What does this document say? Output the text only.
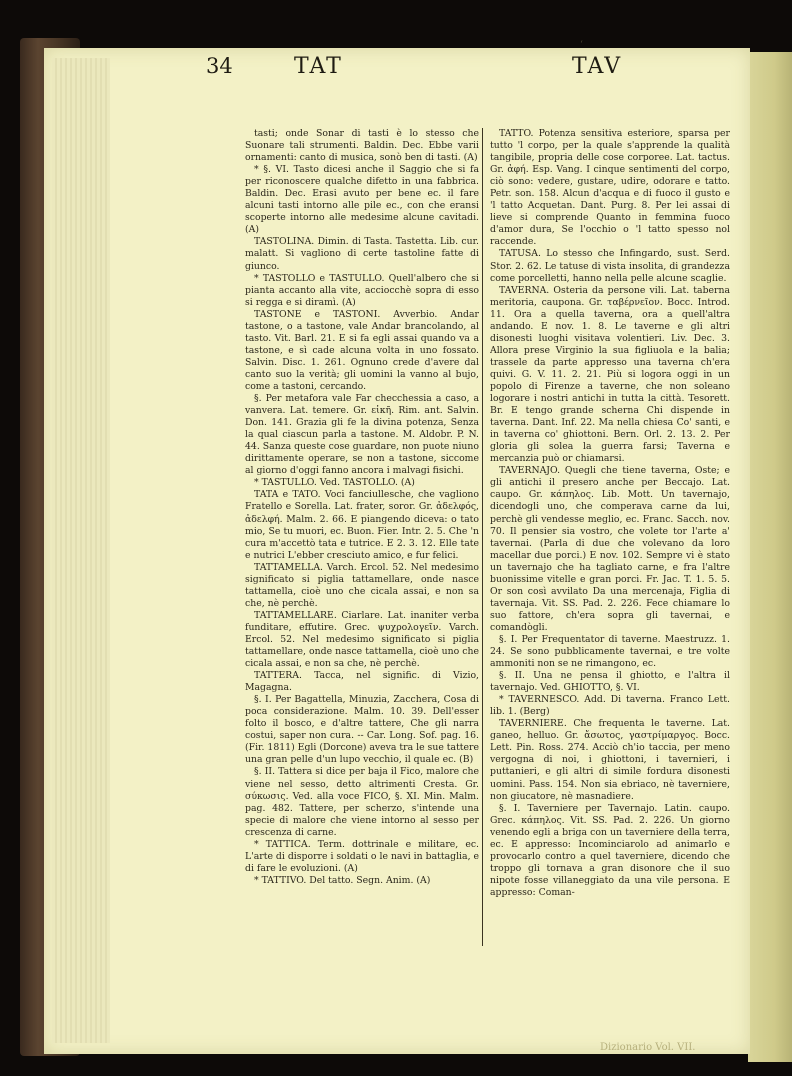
ʻ
34	TAT	TAV

tasti; onde Sonar di tasti è lo stesso che Suonare tali strumenti. Baldin. Dec. Ebbe varii ornamenti: canto di musica, sonò ben di tasti. (A)

* §. VI. Tasto dicesi anche il Saggio che si fa per riconoscere qualche difetto in una fabbrica. Baldin. Dec. Erasi avuto per bene ec. il fare alcuni tasti intorno alle pile ec., con che eransi scoperte intorno alle medesime alcune cavitadi. (A)

TASTOLINA. Dimin. di Tasta. Tastetta. Lib. cur. malatt. Si vagliono di certe tastoline fatte di giunco.

* TASTOLLO e TASTULLO. Quell'albero che si pianta accanto alla vite, acciocchè sopra di esso si regga e si diramì. (A)

TASTONE e TASTONI. Avverbio. Andar tastone, o a tastone, vale Andar brancolando, al tasto. Vit. Barl. 21. E si fa egli assai quando va a tastone, e sì cade alcuna volta in uno fossato. Salvin. Disc. 1. 261. Ognuno crede d'avere dal canto suo la verità; gli uomini la vanno al bujo, come a tastoni, cercando.

§. Per metafora vale Far checchessia a caso, a vanvera. Lat. temere. Gr. εἰκῆ. Rim. ant. Salvin. Don. 141. Grazia gli fe la divina potenza, Senza la qual ciascun parla a tastone. M. Aldobr. P. N. 44. Sanza queste cose guardare, non puote niuno dirittamente operare, se non a tastone, siccome al giorno d'oggi fanno ancora i malvagi fisichi.

* TASTULLO. Ved. TASTOLLO. (A)

TATA e TATO. Voci fanciullesche, che vagliono Fratello e Sorella. Lat. frater, soror. Gr. ἀδελφός, ἀδελφή. Malm. 2. 66. E piangendo diceva: o tato mio, Se tu muori, ec. Buon. Fier. Intr. 2. 5. Che 'n cura m'accettò tata e tutrice. E 2. 3. 12. Elle tate e nutrici L'ebber cresciuto amico, e fur felici.

TATTAMELLA. Varch. Ercol. 52. Nel medesimo significato si piglia tattamellare, onde nasce tattamella, cioè uno che cicala assai, e non sa che, nè perchè.

TATTAMELLARE. Ciarlare. Lat. inaniter verba funditare, effutire. Grec. ψυχρολογεῖν. Varch. Ercol. 52. Nel medesimo significato si piglia tattamellare, onde nasce tattamella, cioè uno che cicala assai, e non sa che, nè perchè.

TATTERA. Tacca, nel signific. di Vizio, Magagna.

§. I. Per Bagattella, Minuzia, Zacchera, Cosa di poca considerazione. Malm. 10. 39. Dell'esser folto il bosco, e d'altre tattere, Che gli narra costui, saper non cura. -- Car. Long. Sof. pag. 16. (Fir. 1811) Egli (Dorcone) aveva tra le sue tattere una gran pelle d'un lupo vecchio, il quale ec. (B)

§. II. Tattera si dice per baja il Fico, malore che viene nel sesso, detto altrimenti Cresta. Gr. σύκωσις. Ved. alla voce FICO, §. XI. Min. Malm. pag. 482. Tattere, per scherzo, s'intende una specie di malore che viene intorno al sesso per crescenza di carne.

* TATTICA. Term. dottrinale e militare, ec. L'arte di disporre i soldati o le navi in battaglia, e di fare le evoluzioni. (A)

* TATTIVO. Del tatto. Segn. Anim. (A)

TATTO. Potenza sensitiva esteriore, sparsa per tutto 'l corpo, per la quale s'apprende la qualità tangibile, propria delle cose corporee. Lat. tactus. Gr. ἀφή. Esp. Vang. I cinque sentimenti del corpo, ciò sono: vedere, gustare, udire, odorare e tatto. Petr. son. 158. Alcun d'acqua e di fuoco il gusto e 'l tatto Acquetan. Dant. Purg. 8. Per lei assai di lieve si comprende Quanto in femmina fuoco d'amor dura, Se l'occhio o 'l tatto spesso nol raccende.

TATUSA. Lo stesso che Infingardo, sust. Serd. Stor. 2. 62. Le tatuse di vista insolita, di grandezza come porcelletti, hanno nella pelle alcune scaglie.

TAVERNA. Osteria da persone vili. Lat. taberna meritoria, caupona. Gr. ταβέρνεῖον. Bocc. Introd. 11. Ora a quella taverna, ora a quell'altra andando. E nov. 1. 8. Le taverne e gli altri disonesti luoghi visitava volentieri. Liv. Dec. 3. Allora prese Virginio la sua figliuola e la balia; trassele da parte appresso una taverna ch'era quivi. G. V. 11. 2. 21. Più si logora oggi in un popolo di Firenze a taverne, che non soleano logorare i nostri antichi in tutta la città. Tesorett. Br. E tengo grande scherna Chi dispende in taverna. Dant. Inf. 22. Ma nella chiesa Co' santi, e in taverna co' ghiottoni. Bern. Orl. 2. 13. 2. Per gloria gli solea la guerra farsi; Taverna e mercanzia può or chiamarsi.

TAVERNAJO. Quegli che tiene taverna, Oste; e gli antichi il presero anche per Beccajo. Lat. caupo. Gr. κάπηλος. Lib. Mott. Un tavernajo, dicendogli uno, che comperava carne da lui, perchè gli vendesse meglio, ec. Franc. Sacch. nov. 70. Il pensier sia vostro, che volete tor l'arte a' tavernai. (Parla di due che volevano da loro macellar due porci.) E nov. 102. Sempre vi è stato un tavernajo che ha tagliato carne, e fra l'altre buonissime vitelle e gran porci. Fr. Jac. T. 1. 5. 5. Or son così avvilato Da una mercenaja, Figlia di tavernaja. Vit. SS. Pad. 2. 226. Fece chiamare lo suo fattore, ch'era sopra gli tavernai, e comandògli.

§. I. Per Frequentator di taverne. Maestruzz. 1. 24. Se sono pubblicamente tavernai, e tre volte ammoniti non se ne rimangono, ec.

§. II. Una ne pensa il ghiotto, e l'altra il tavernajo. Ved. GHIOTTO, §. VI.

* TAVERNESCO. Add. Di taverna. Franco Lett. lib. 1. (Berg)

TAVERNIERE. Che frequenta le taverne. Lat. ganeo, helluo. Gr. ἄσωτος, γαστρίμαργος. Bocc. Lett. Pin. Ross. 274. Acciò ch'io taccia, per meno vergogna di noi, i ghiottoni, i tavernieri, i puttanieri, e gli altri di simile fordura disonesti uomini. Pass. 154. Non sia ebriaco, nè taverniere, non giucatore, nè masnadiere.

§. I. Taverniere per Tavernajo. Latin. caupo. Grec. κάπηλος. Vit. SS. Pad. 2. 226. Un giorno venendo egli a briga con un taverniere della terra, ec. E appresso: Incominciarolo ad animarlo e provocarlo contro a quel taverniere, dicendo che troppo gli tornava a gran disonore che il suo nipote fosse villaneggiato da una vile persona. E appresso: Coman-

Dizionario Vol. VII.
